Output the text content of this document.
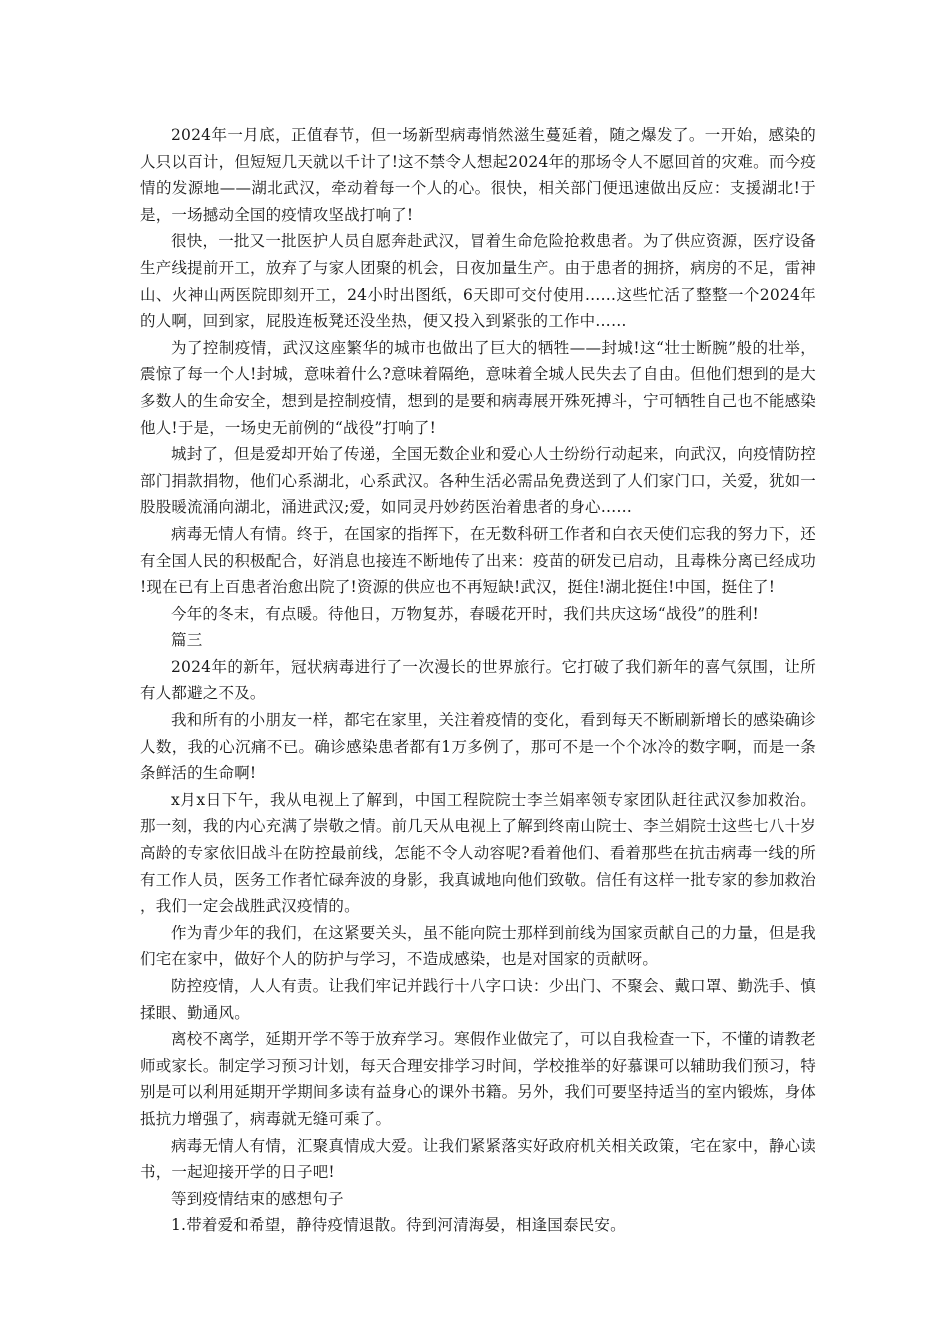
2024年一月底，正值春节，但一场新型病毒悄然滋生蔓延着，随之爆发了。一开始，感染的人只以百计，但短短几天就以千计了!这不禁令人想起2024年的那场令人不愿回首的灾难。而今疫情的发源地——湖北武汉，牵动着每一个人的心。很快，相关部门便迅速做出反应：支援湖北!于是，一场撼动全国的疫情攻坚战打响了!

很快，一批又一批医护人员自愿奔赴武汉，冒着生命危险抢救患者。为了供应资源，医疗设备生产线提前开工，放弃了与家人团聚的机会，日夜加量生产。由于患者的拥挤，病房的不足，雷神山、火神山两医院即刻开工，24小时出图纸，6天即可交付使用……这些忙活了整整一个2024年的人啊，回到家，屁股连板凳还没坐热，便又投入到紧张的工作中……

为了控制疫情，武汉这座繁华的城市也做出了巨大的牺牲——封城!这“壮士断腕”般的壮举，震惊了每一个人!封城，意味着什么?意味着隔绝，意味着全城人民失去了自由。但他们想到的是大多数人的生命安全，想到是控制疫情，想到的是要和病毒展开殊死搏斗，宁可牺牲自己也不能感染他人!于是，一场史无前例的“战役”打响了!

城封了，但是爱却开始了传递，全国无数企业和爱心人士纷纷行动起来，向武汉，向疫情防控部门捐款捐物，他们心系湖北，心系武汉。各种生活必需品免费送到了人们家门口，关爱，犹如一股股暖流涌向湖北，涌进武汉;爱，如同灵丹妙药医治着患者的身心……

病毒无情人有情。终于，在国家的指挥下，在无数科研工作者和白衣天使们忘我的努力下，还有全国人民的积极配合，好消息也接连不断地传了出来：疫苗的研发已启动，且毒株分离已经成功!现在已有上百患者治愈出院了!资源的供应也不再短缺!武汉，挺住!湖北挺住!中国，挺住了!

今年的冬末，有点暖。待他日，万物复苏，春暖花开时，我们共庆这场“战役”的胜利!

篇三

2024年的新年，冠状病毒进行了一次漫长的世界旅行。它打破了我们新年的喜气氛围，让所有人都避之不及。

我和所有的小朋友一样，都宅在家里，关注着疫情的变化，看到每天不断刷新增长的感染确诊人数，我的心沉痛不已。确诊感染患者都有1万多例了，那可不是一个个冰冷的数字啊，而是一条条鲜活的生命啊!

x月x日下午，我从电视上了解到，中国工程院院士李兰娟率领专家团队赶往武汉参加救治。那一刻，我的内心充满了崇敬之情。前几天从电视上了解到终南山院士、李兰娟院士这些七八十岁高龄的专家依旧战斗在防控最前线，怎能不令人动容呢?看着他们、看着那些在抗击病毒一线的所有工作人员，医务工作者忙碌奔波的身影，我真诚地向他们致敬。信任有这样一批专家的参加救治，我们一定会战胜武汉疫情的。

作为青少年的我们，在这紧要关头，虽不能向院士那样到前线为国家贡献自己的力量，但是我们宅在家中，做好个人的防护与学习，不造成感染，也是对国家的贡献呀。

防控疫情，人人有责。让我们牢记并践行十八字口诀：少出门、不聚会、戴口罩、勤洗手、慎揉眼、勤通风。

离校不离学，延期开学不等于放弃学习。寒假作业做完了，可以自我检查一下，不懂的请教老师或家长。制定学习预习计划，每天合理安排学习时间，学校推举的好慕课可以辅助我们预习，特别是可以利用延期开学期间多读有益身心的课外书籍。另外，我们可要坚持适当的室内锻炼，身体抵抗力增强了，病毒就无缝可乘了。

病毒无情人有情，汇聚真情成大爱。让我们紧紧落实好政府机关相关政策，宅在家中，静心读书，一起迎接开学的日子吧!

等到疫情结束的感想句子

1.带着爱和希望，静待疫情退散。待到河清海晏，相逢国泰民安。
